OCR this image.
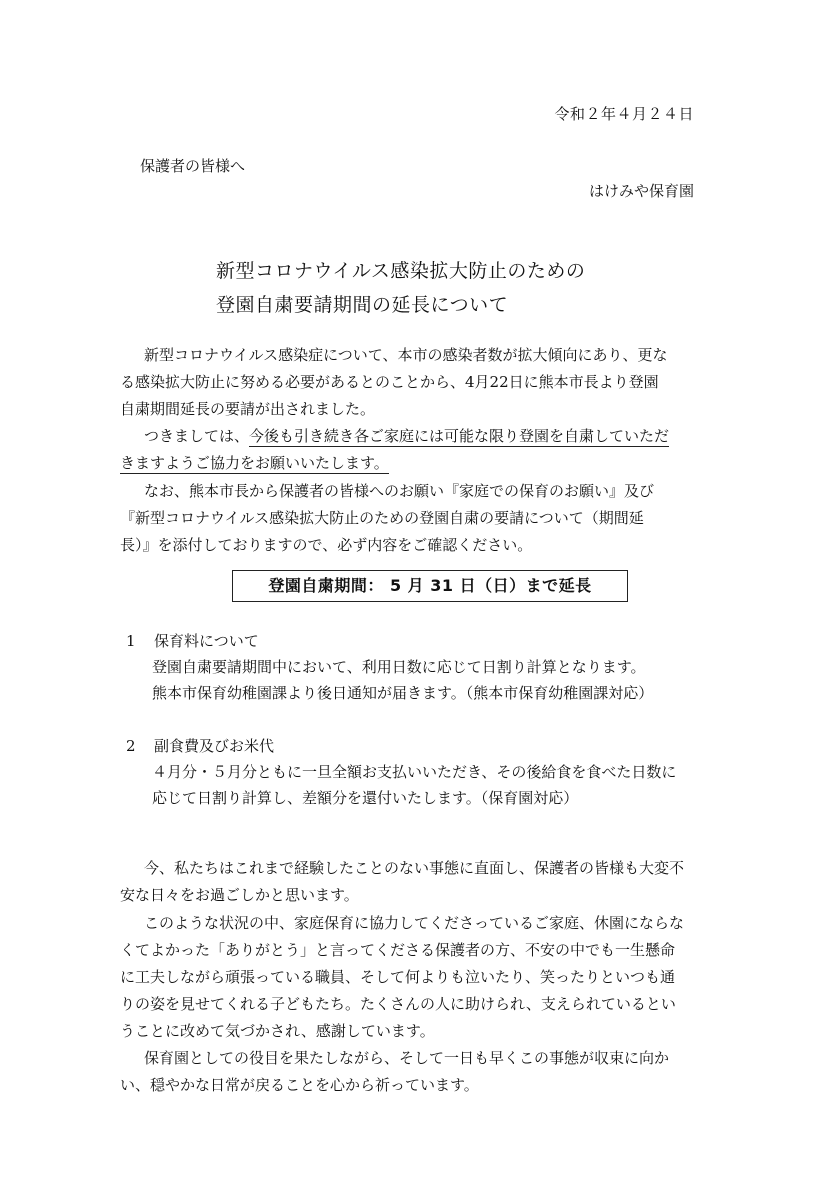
令和２年４月２４日
保護者の皆様へ
はけみや保育園
新型コロナウイルス感染拡大防止のための
登園自粛要請期間の延長について
新型コロナウイルス感染症について、本市の感染者数が拡大傾向にあり、更な
る感染拡大防止に努める必要があるとのことから、4月22日に熊本市長より登園
自粛期間延長の要請が出されました。
つきましては、今後も引き続き各ご家庭には可能な限り登園を自粛していただ
きますようご協力をお願いいたします。
なお、熊本市長から保護者の皆様へのお願い『家庭での保育のお願い』及び
『新型コロナウイルス感染拡大防止のための登園自粛の要請について（期間延
長）』を添付しておりますので、必ず内容をご確認ください。
登園自粛期間： 5 月 31 日（日）まで延長
1 保育料について
登園自粛要請期間中において、利用日数に応じて日割り計算となります。
熊本市保育幼稚園課より後日通知が届きます。（熊本市保育幼稚園課対応）
2 副食費及びお米代
４月分・５月分ともに一旦全額お支払いいただき、その後給食を食べた日数に
応じて日割り計算し、差額分を還付いたします。（保育園対応）
今、私たちはこれまで経験したことのない事態に直面し、保護者の皆様も大変不
安な日々をお過ごしかと思います。
このような状況の中、家庭保育に協力してくださっているご家庭、休園にならな
くてよかった「ありがとう」と言ってくださる保護者の方、不安の中でも一生懸命
に工夫しながら頑張っている職員、そして何よりも泣いたり、笑ったりといつも通
りの姿を見せてくれる子どもたち。たくさんの人に助けられ、支えられているとい
うことに改めて気づかされ、感謝しています。
保育園としての役目を果たしながら、そして一日も早くこの事態が収束に向か
い、穏やかな日常が戻ることを心から祈っています。
